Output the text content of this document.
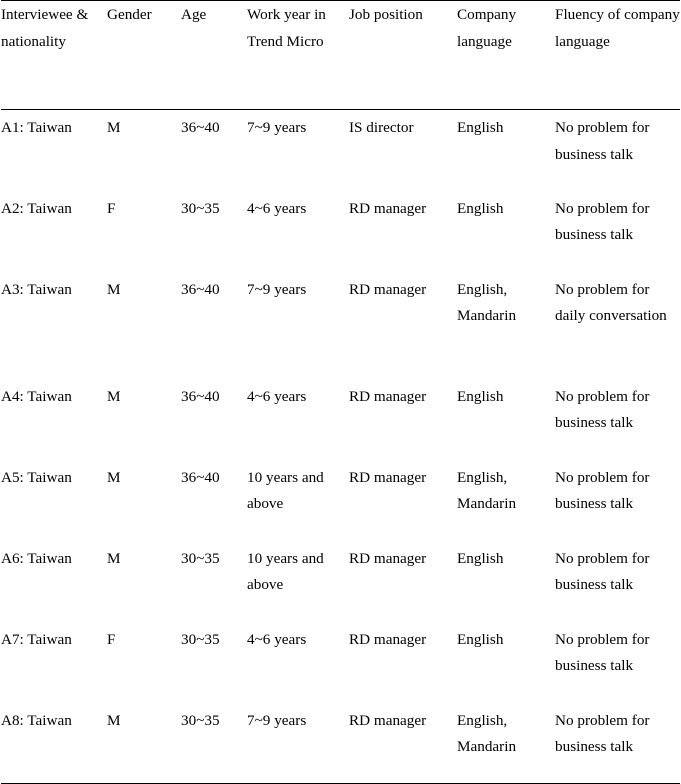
Interviewee & nationality	Gender	Age	Work year in Trend Micro	Job position	Company language	Fluency of company language
A1: Taiwan	M	36~40	7~9 years	IS director	English	No problem for business talk
A2: Taiwan	F	30~35	4~6 years	RD manager	English	No problem for business talk
A3: Taiwan	M	36~40	7~9 years	RD manager	English, Mandarin	No problem for daily conversation
A4: Taiwan	M	36~40	4~6 years	RD manager	English	No problem for business talk
A5: Taiwan	M	36~40	10 years and above	RD manager	English, Mandarin	No problem for business talk
A6: Taiwan	M	30~35	10 years and above	RD manager	English	No problem for business talk
A7: Taiwan	F	30~35	4~6 years	RD manager	English	No problem for business talk
A8: Taiwan	M	30~35	7~9 years	RD manager	English, Mandarin	No problem for business talk
